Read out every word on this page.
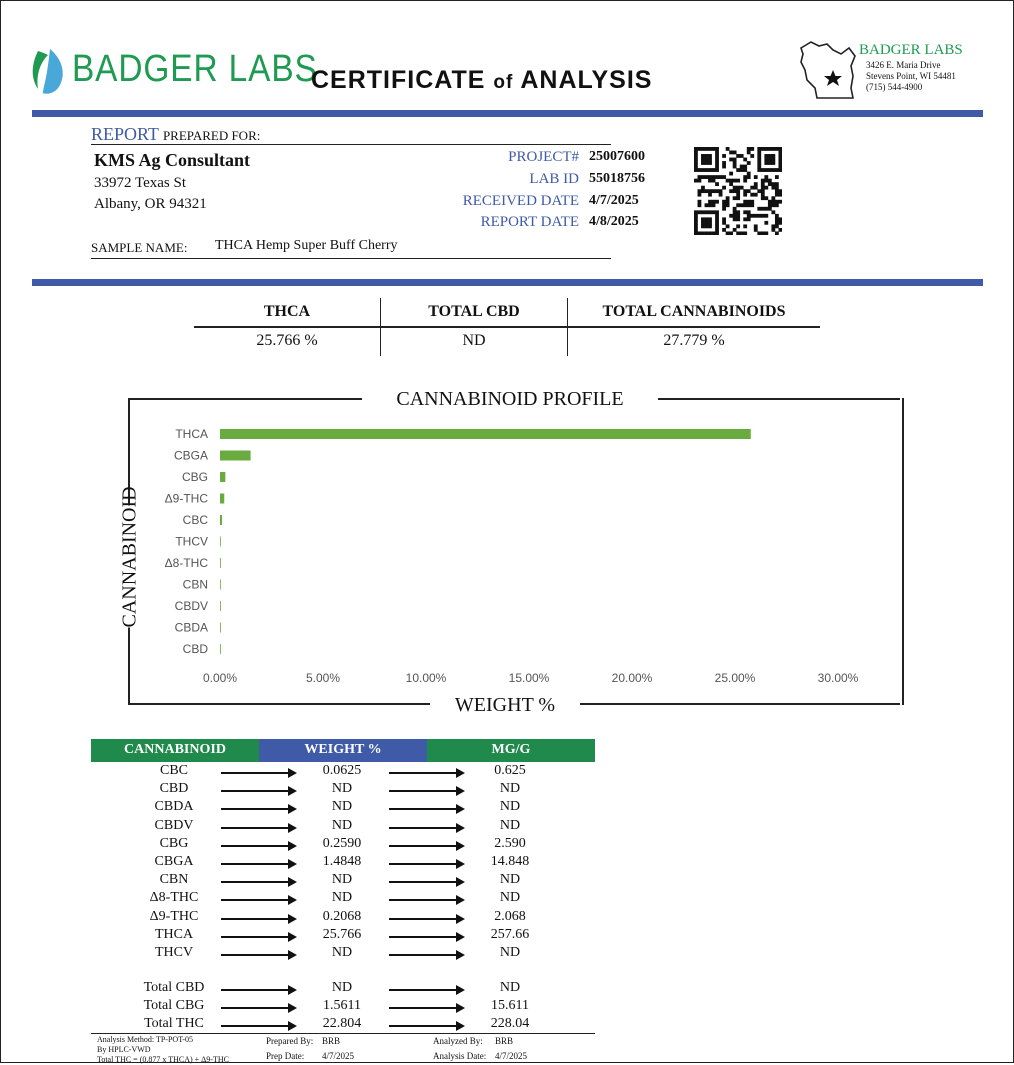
BADGER LABS
CERTIFICATE of ANALYSIS
BADGER LABS
3426 E. Maria Drive
Stevens Point, WI 54481
(715) 544-4900
REPORT PREPARED FOR:
KMS Ag Consultant
33972 Texas St
Albany, OR 94321
PROJECT# 25007600
LAB ID 55018756
RECEIVED DATE 4/7/2025
REPORT DATE 4/8/2025
SAMPLE NAME: THCA Hemp Super Buff Cherry
THCA	TOTAL CBD	TOTAL CANNABINOIDS
25.766 %	ND	27.779 %
CANNABINOID PROFILE
WEIGHT %
CANNABINOID
THCA
CBGA
CBG
Δ9-THC
CBC
THCV
Δ8-THC
CBN
CBDV
CBDA
CBD
0.00%	5.00%	10.00%	15.00%	20.00%	25.00%	30.00%
CANNABINOID	WEIGHT %	MG/G
CBC	0.0625	0.625
CBD	ND	ND
CBDA	ND	ND
CBDV	ND	ND
CBG	0.2590	2.590
CBGA	1.4848	14.848
CBN	ND	ND
Δ8-THC	ND	ND
Δ9-THC	0.2068	2.068
THCA	25.766	257.66
THCV	ND	ND
Total CBD	ND	ND
Total CBG	1.5611	15.611
Total THC	22.804	228.04
Analysis Method: TP-POT-05
By HPLC-VWD
Total THC = (0.877 x THCA) + Δ9-THC
Prepared By: BRB
Prep Date: 4/7/2025
Analyzed By: BRB
Analysis Date: 4/7/2025
